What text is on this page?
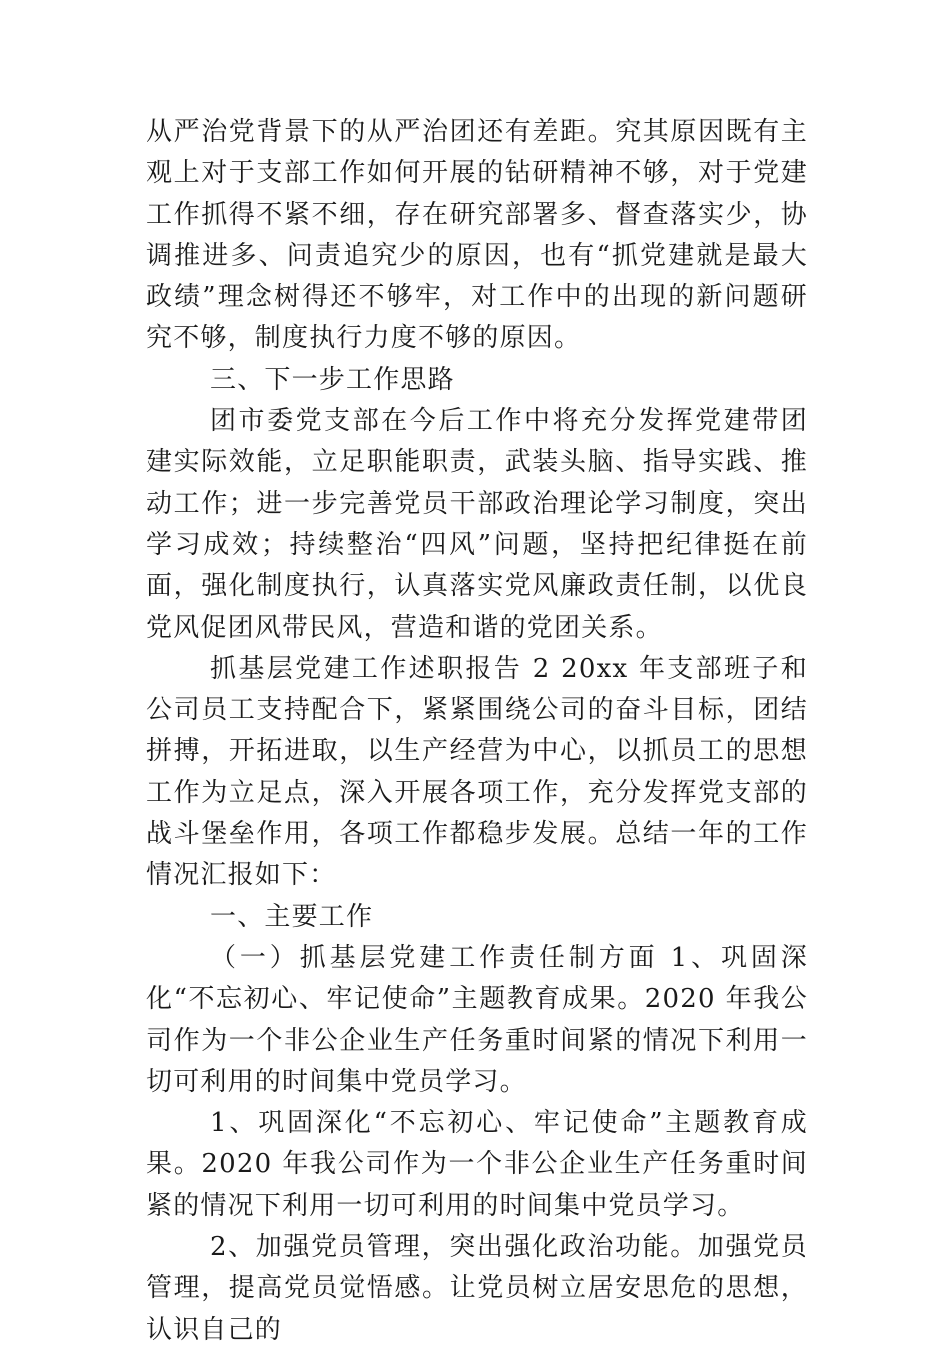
从严治党背景下的从严治团还有差距。究其原因既有主观上对于支部工作如何开展的钻研精神不够，对于党建工作抓得不紧不细，存在研究部署多、督查落实少，协调推进多、问责追究少的原因，也有“抓党建就是最大政绩”理念树得还不够牢，对工作中的出现的新问题研究不够，制度执行力度不够的原因。

三、下一步工作思路

团市委党支部在今后工作中将充分发挥党建带团建实际效能，立足职能职责，武装头脑、指导实践、推动工作；进一步完善党员干部政治理论学习制度，突出学习成效；持续整治“四风”问题，坚持把纪律挺在前面，强化制度执行，认真落实党风廉政责任制，以优良党风促团风带民风，营造和谐的党团关系。

抓基层党建工作述职报告 2 20xx 年支部班子和公司员工支持配合下，紧紧围绕公司的奋斗目标，团结拼搏，开拓进取，以生产经营为中心，以抓员工的思想工作为立足点，深入开展各项工作，充分发挥党支部的战斗堡垒作用，各项工作都稳步发展。总结一年的工作情况汇报如下：

一、主要工作

（一）抓基层党建工作责任制方面 1、巩固深化“不忘初心、牢记使命”主题教育成果。2020 年我公司作为一个非公企业生产任务重时间紧的情况下利用一切可利用的时间集中党员学习。

1、巩固深化“不忘初心、牢记使命”主题教育成果。2020 年我公司作为一个非公企业生产任务重时间紧的情况下利用一切可利用的时间集中党员学习。

2、加强党员管理，突出强化政治功能。加强党员管理，提高党员觉悟感。让党员树立居安思危的思想，认识自己的
